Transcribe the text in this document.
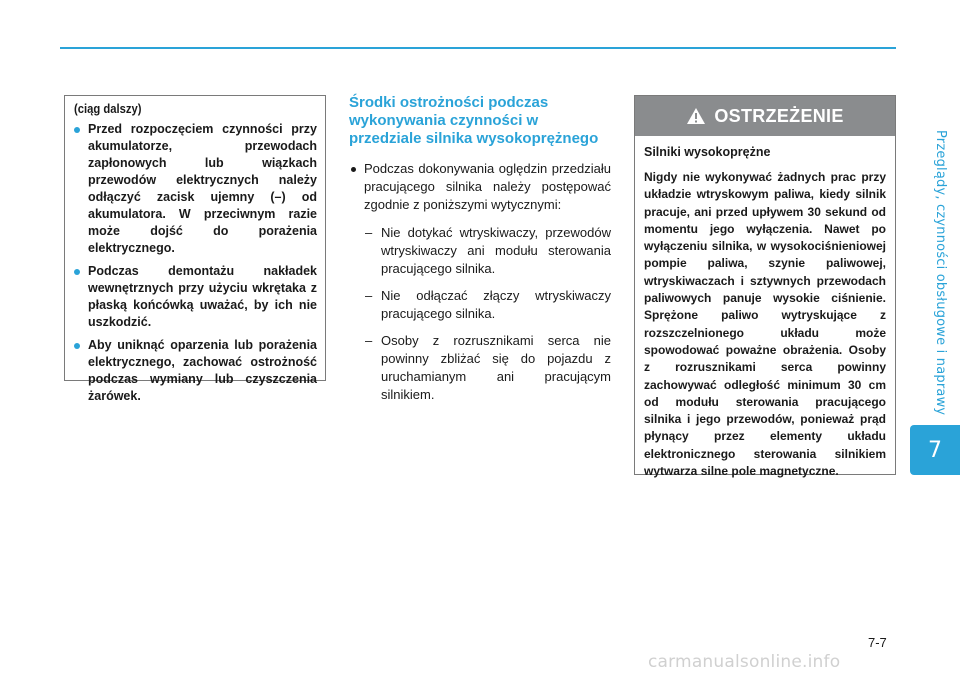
Przeglądy, czynności obsługowe i naprawy
7
(ciąg dalszy)
Przed rozpoczęciem czynności przy akumulatorze, przewodach zapłonowych lub wiązkach przewodów elektrycznych należy odłączyć zacisk ujemny (–) od akumulatora. W przeciwnym razie może dojść do porażenia elektrycznego.
Podczas demontażu nakładek wewnętrznych przy użyciu wkrętaka z płaską końcówką uważać, by ich nie uszkodzić.
Aby uniknąć oparzenia lub porażenia elektrycznego, zachować ostrożność podczas wymiany lub czyszczenia żarówek.
Środki ostrożności podczas wykonywania czynności w przedziale silnika wysokoprężnego
Podczas dokonywania oględzin przedziału pracującego silnika należy postępować zgodnie z poniższymi wytycznymi:
– Nie dotykać wtryskiwaczy, przewodów wtryskiwaczy ani modułu sterowania pracującego silnika.
– Nie odłączać złączy wtryskiwaczy pracującego silnika.
– Osoby z rozrusznikami serca nie powinny zbliżać się do pojazdu z uruchamianym ani pracującym silnikiem.
OSTRZEŻENIE
Silniki wysokoprężne

Nigdy nie wykonywać żadnych prac przy układzie wtryskowym paliwa, kiedy silnik pracuje, ani przed upływem 30 sekund od momentu jego wyłączenia. Nawet po wyłączeniu silnika, w wysokociśnieniowej pompie paliwa, szynie paliwowej, wtryskiwaczach i sztywnych przewodach paliwowych panuje wysokie ciśnienie. Sprężone paliwo wytryskujące z rozszczelnionego układu może spowodować poważne obrażenia. Osoby z rozrusznikami serca powinny zachowywać odległość minimum 30 cm od modułu sterowania pracującego silnika i jego przewodów, ponieważ prąd płynący przez elementy układu elektronicznego sterowania silnikiem wytwarza silne pole magnetyczne.

7-7
carmanualsonline.info
